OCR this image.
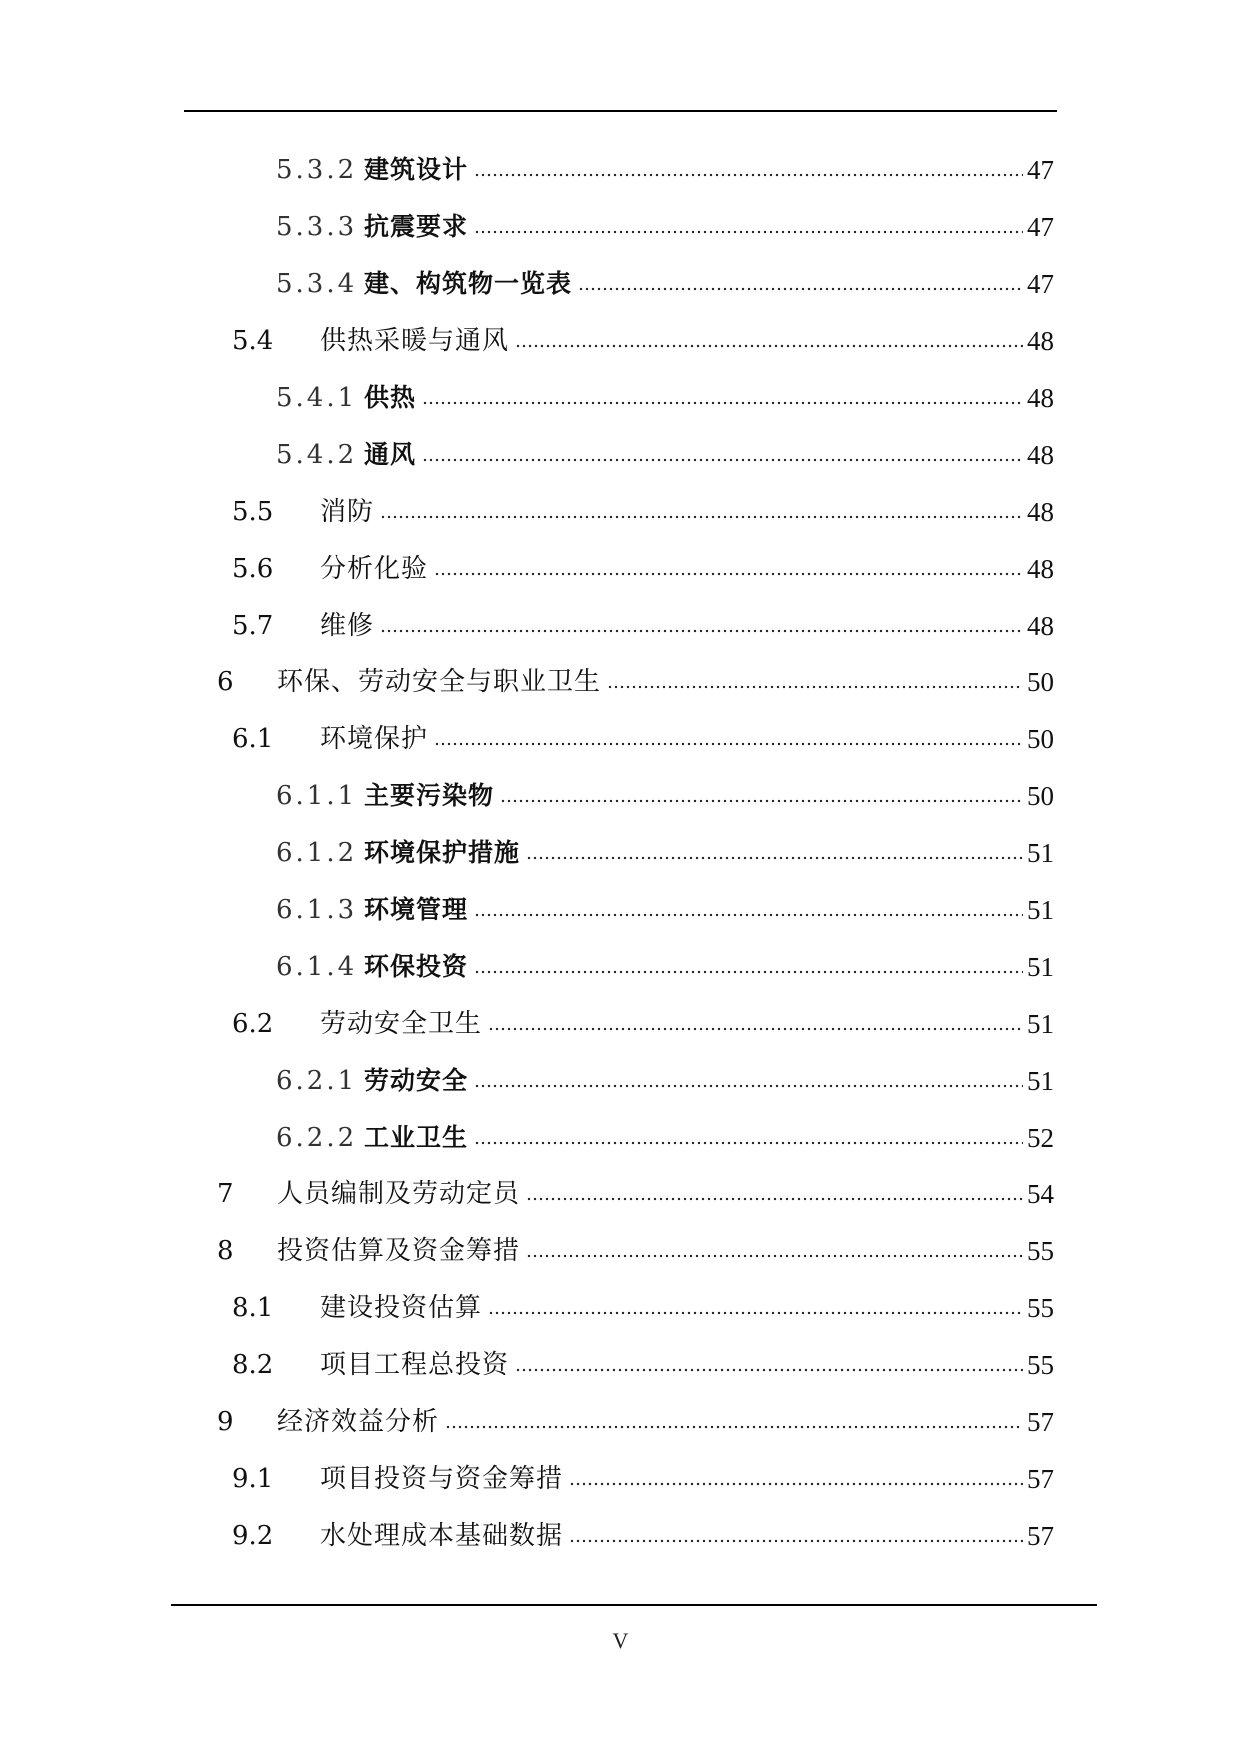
5.3.2 建筑设计	47
5.3.3 抗震要求	47
5.3.4 建、构筑物一览表	47
5.4	供热采暖与通风	48
5.4.1 供热	48
5.4.2 通风	48
5.5	消防	48
5.6	分析化验	48
5.7	维修	48
6	环保、劳动安全与职业卫生	50
6.1	环境保护	50
6.1.1 主要污染物	50
6.1.2 环境保护措施	51
6.1.3 环境管理	51
6.1.4 环保投资	51
6.2	劳动安全卫生	51
6.2.1 劳动安全	51
6.2.2 工业卫生	52
7	人员编制及劳动定员	54
8	投资估算及资金筹措	55
8.1	建设投资估算	55
8.2	项目工程总投资	55
9	经济效益分析	57
9.1	项目投资与资金筹措	57
9.2	水处理成本基础数据	57
V
